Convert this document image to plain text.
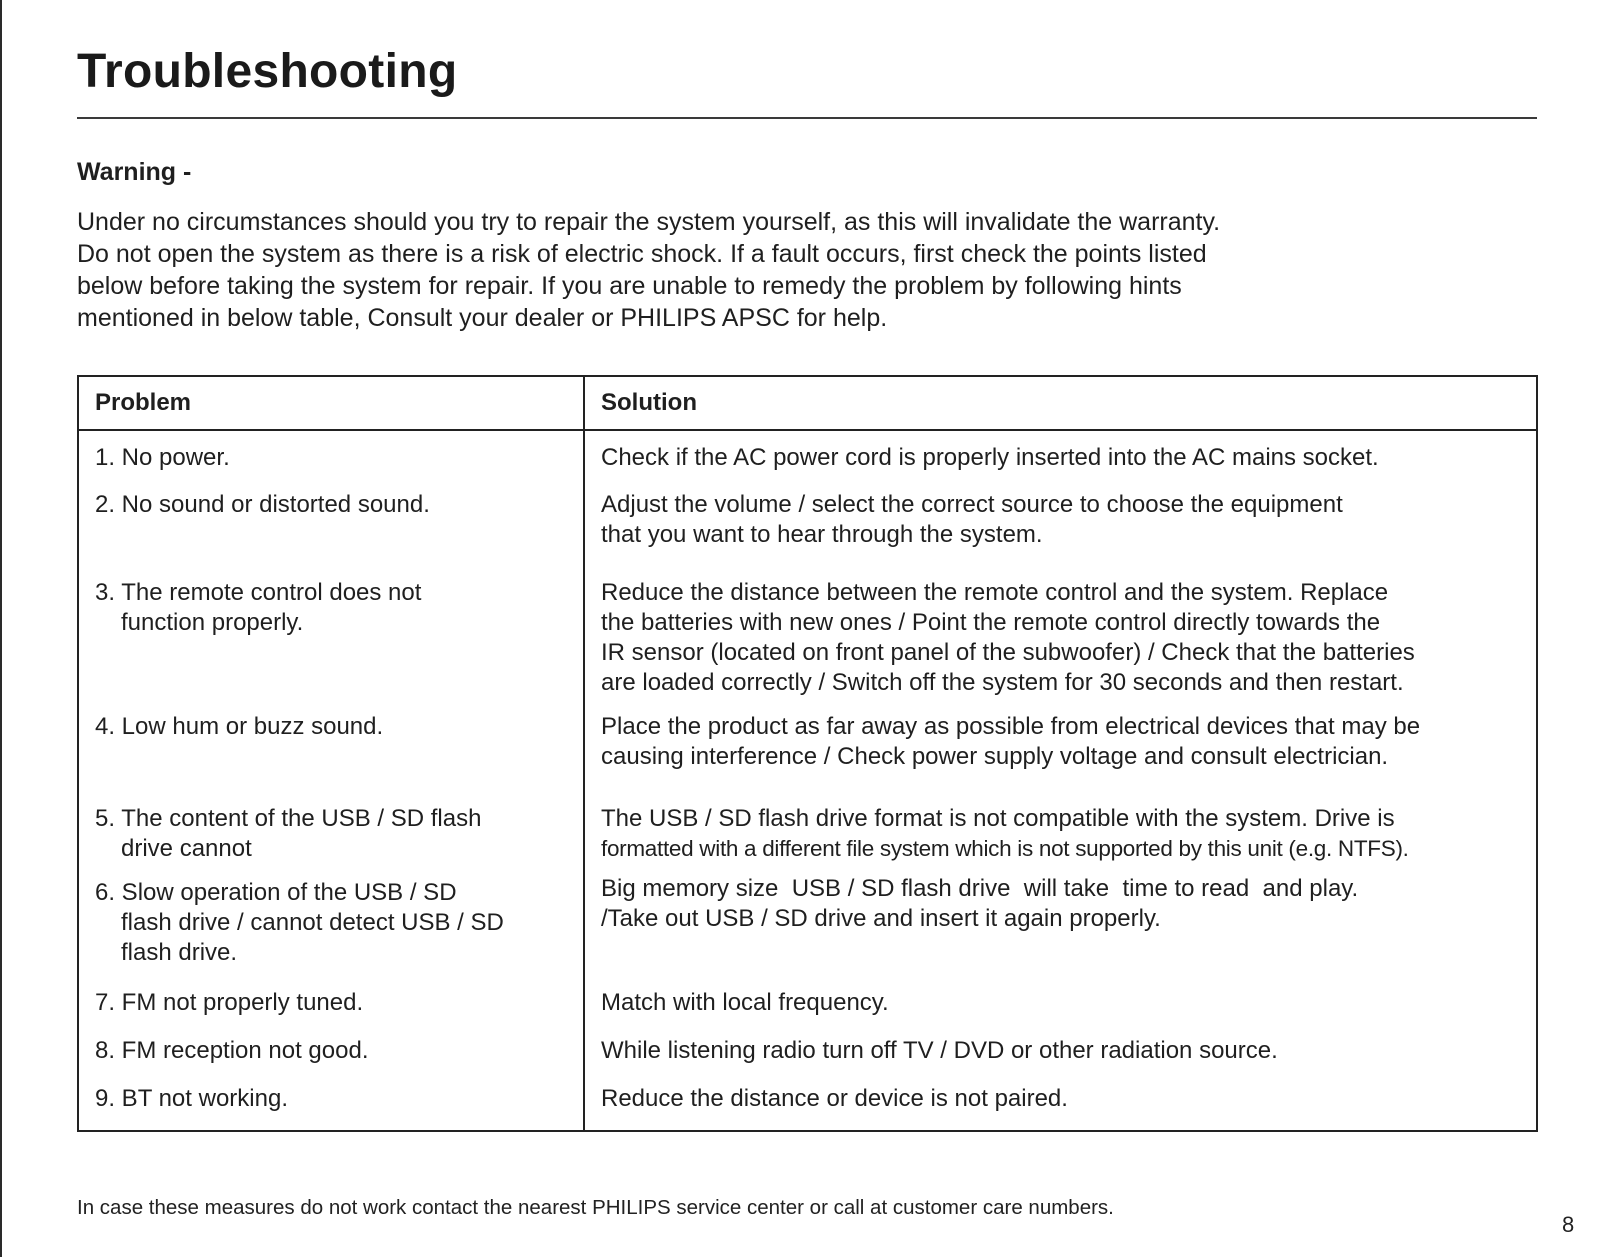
Troubleshooting

Warning -

Under no circumstances should you try to repair the system yourself, as this will invalidate the warranty.
Do not open the system as there is a risk of electric shock. If a fault occurs, first check the points listed
below before taking the system for repair. If you are unable to remedy the problem by following hints
mentioned in below table, Consult your dealer or PHILIPS APSC for help.

Problem	Solution

1. No power.	Check if the AC power cord is properly inserted into the AC mains socket.

2. No sound or distorted sound.	Adjust the volume / select the correct source to choose the equipment
that you want to hear through the system.

3. The remote control does not
function properly.	Reduce the distance between the remote control and the system. Replace
the batteries with new ones / Point the remote control directly towards the
IR sensor (located on front panel of the subwoofer) / Check that the batteries
are loaded correctly / Switch off the system for 30 seconds and then restart.

4. Low hum or buzz sound.	Place the product as far away as possible from electrical devices that may be
causing interference / Check power supply voltage and consult electrician.

5. The content of the USB / SD flash
drive cannot	The USB / SD flash drive format is not compatible with the system. Drive is
formatted with a different file system which is not supported by this unit (e.g. NTFS).

6. Slow operation of the USB / SD
flash drive / cannot detect USB / SD
flash drive.	Big memory size  USB / SD flash drive  will take  time to read  and play.
/Take out USB / SD drive and insert it again properly.

7. FM not properly tuned.	Match with local frequency.

8. FM reception not good.	While listening radio turn off TV / DVD or other radiation source.

9. BT not working.	Reduce the distance or device is not paired.

In case these measures do not work contact the nearest PHILIPS service center or call at customer care numbers.

8
